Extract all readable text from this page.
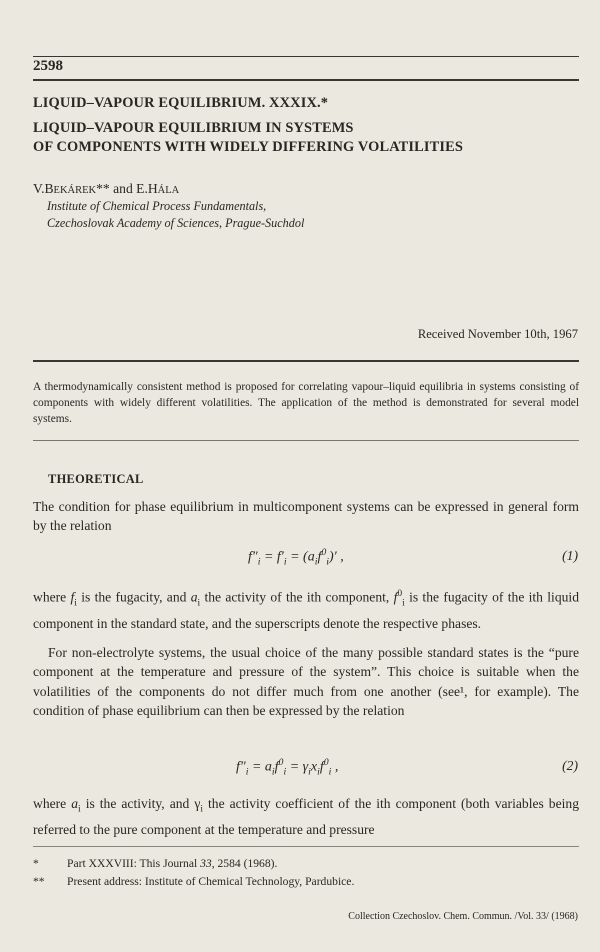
2598
LIQUID–VAPOUR EQUILIBRIUM. XXXIX.*
LIQUID–VAPOUR EQUILIBRIUM IN SYSTEMS
OF COMPONENTS WITH WIDELY DIFFERING VOLATILITIES
V.BEKÁREK** and E.HÁLA
Institute of Chemical Process Fundamentals,
Czechoslovak Academy of Sciences, Prague-Suchdol
Received November 10th, 1967
A thermodynamically consistent method is proposed for correlating vapour–liquid equilibria in systems consisting of components with widely different volatilities. The application of the method is demonstrated for several model systems.
THEORETICAL
The condition for phase equilibrium in multicomponent systems can be expressed in general form by the relation
$f''_i = f'_i = (a_if^0_i)'$ ,	(1)
where $f_i$ is the fugacity, and $a_i$ the activity of the ith component, $f^0_i$ is the fugacity of the ith liquid component in the standard state, and the superscripts denote the respective phases.
For non-electrolyte systems, the usual choice of the many possible standard states is the “pure component at the temperature and pressure of the system”. This choice is suitable when the volatilities of the components do not differ much from one another (see¹, for example). The condition of phase equilibrium can then be expressed by the relation
$f''_i = a_if^0_i = \gamma_ix_if^0_i$ ,	(2)
where $a_i$ is the activity, and $\gamma_i$ the activity coefficient of the ith component (both variables being referred to the pure component at the temperature and pressure
* Part XXXVIII: This Journal 33, 2584 (1968).
** Present address: Institute of Chemical Technology, Pardubice.
Collection Czechoslov. Chem. Commun. /Vol. 33/ (1968)
